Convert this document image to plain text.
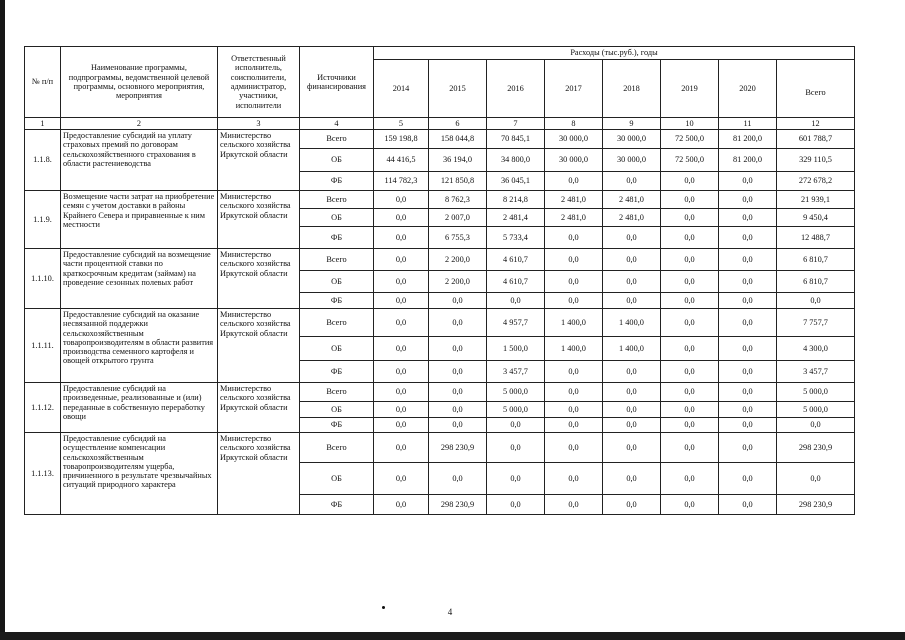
№ п/п	Наименование программы, подпрограммы, ведомственной целевой программы, основного мероприятия, мероприятия	Ответственный исполнитель, соисполнители, администратор, участники, исполнители	Источники финансирования	Расходы (тыс.руб.), годы							
				2014	2015	2016	2017	2018	2019	2020	Всего
1	2	3	4	5	6	7	8	9	10	11	12
1.1.8.	Предоставление субсидий на уплату страховых премий по договорам сельскохозяйственного страхования в области растениеводства	Министерство сельского хозяйства Иркутской области	Всего	159 198,8	158 044,8	70 845,1	30 000,0	30 000,0	72 500,0	81 200,0	601 788,7
			ОБ	44 416,5	36 194,0	34 800,0	30 000,0	30 000,0	72 500,0	81 200,0	329 110,5
			ФБ	114 782,3	121 850,8	36 045,1	0,0	0,0	0,0	0,0	272 678,2
1.1.9.	Возмещение части затрат на приобретение семян с учетом доставки в районы Крайнего Севера и приравненные к ним местности	Министерство сельского хозяйства Иркутской области	Всего	0,0	8 762,3	8 214,8	2 481,0	2 481,0	0,0	0,0	21 939,1
			ОБ	0,0	2 007,0	2 481,4	2 481,0	2 481,0	0,0	0,0	9 450,4
			ФБ	0,0	6 755,3	5 733,4	0,0	0,0	0,0	0,0	12 488,7
1.1.10.	Предоставление субсидий на возмещение части процентной ставки по краткосрочным кредитам (займам) на проведение сезонных полевых работ	Министерство сельского хозяйства Иркутской области	Всего	0,0	2 200,0	4 610,7	0,0	0,0	0,0	0,0	6 810,7
			ОБ	0,0	2 200,0	4 610,7	0,0	0,0	0,0	0,0	6 810,7
			ФБ	0,0	0,0	0,0	0,0	0,0	0,0	0,0	0,0
1.1.11.	Предоставление субсидий на оказание несвязанной поддержки сельскохозяйственным товаропроизводителям в области развития производства семенного картофеля и овощей открытого грунта	Министерство сельского хозяйства Иркутской области	Всего	0,0	0,0	4 957,7	1 400,0	1 400,0	0,0	0,0	7 757,7
			ОБ	0,0	0,0	1 500,0	1 400,0	1 400,0	0,0	0,0	4 300,0
			ФБ	0,0	0,0	3 457,7	0,0	0,0	0,0	0,0	3 457,7
1.1.12.	Предоставление субсидий на произведенные, реализованные и (или) переданные в собственную переработку овощи	Министерство сельского хозяйства Иркутской области	Всего	0,0	0,0	5 000,0	0,0	0,0	0,0	0,0	5 000,0
			ОБ	0,0	0,0	5 000,0	0,0	0,0	0,0	0,0	5 000,0
			ФБ	0,0	0,0	0,0	0,0	0,0	0,0	0,0	0,0
1.1.13.	Предоставление субсидий на осуществление компенсации сельскохозяйственным товаропроизводителям ущерба, причиненного в результате чрезвычайных ситуаций природного характера	Министерство сельского хозяйства Иркутской области	Всего	0,0	298 230,9	0,0	0,0	0,0	0,0	0,0	298 230,9
			ОБ	0,0	0,0	0,0	0,0	0,0	0,0	0,0	0,0
			ФБ	0,0	298 230,9	0,0	0,0	0,0	0,0	0,0	298 230,9
4
